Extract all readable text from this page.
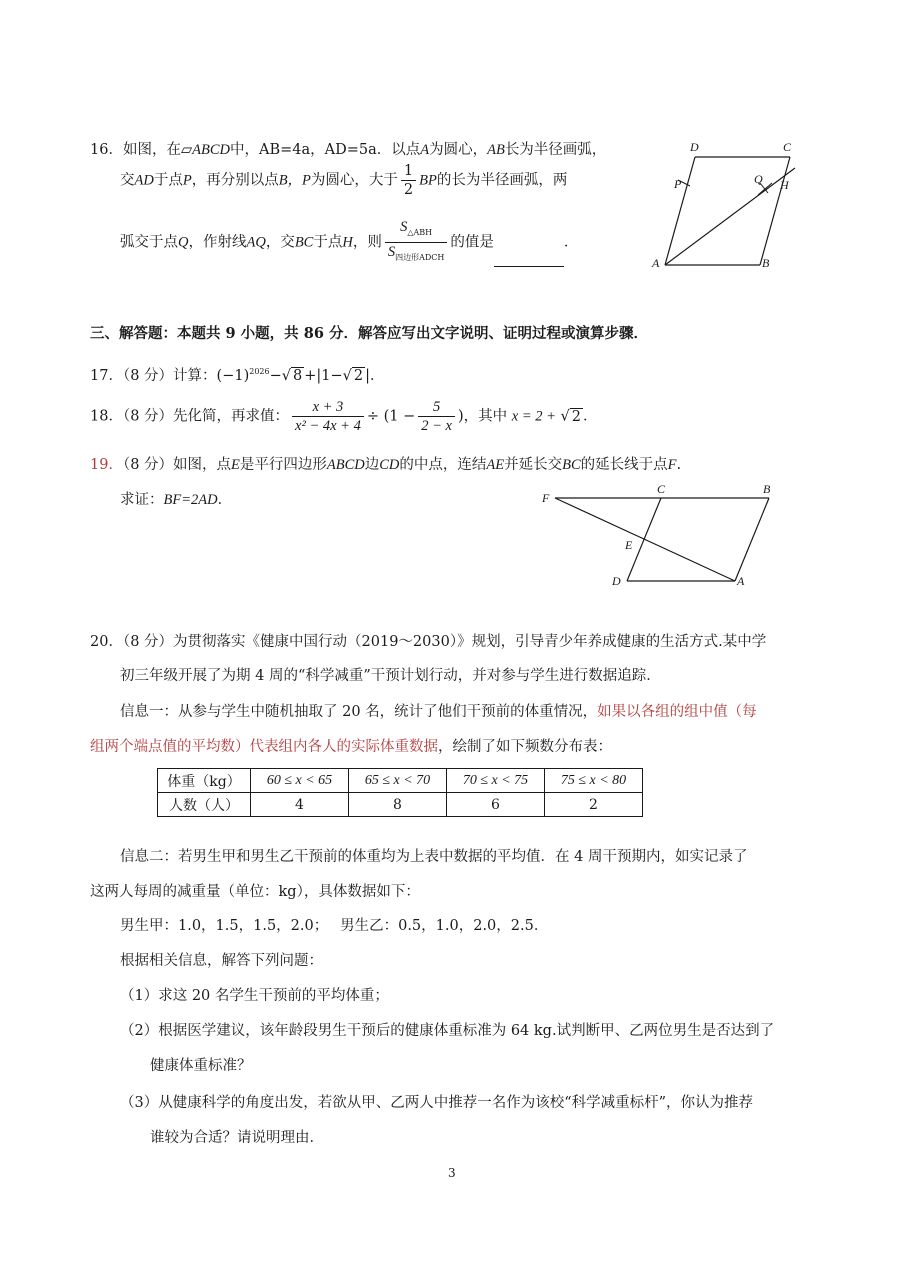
16．如图，在▱ABCD中，AB=4a，AD=5a．以点A为圆心，AB长为半径画弧，
交AD于点P，再分别以点B，P为圆心，大于 $\frac{1}{2}$ BP的长为半径画弧，两
弧交于点Q，作射线AQ，交BC于点H，则 $\frac{S_{\triangle ABH}}{S_{四边形ADCH}}$ 的值是	．
D	C
P	Q H
A	B
三、解答题：本题共 9 小题，共 86 分．解答应写出文字说明、证明过程或演算步骤．
17．（8 分）计算：$(-1)^{2026}-√$ 8 +|1−√ 2 |．
18．（8 分）先化简，再求值： $\frac{x + 3}{\text{x² − 4x + 4}} \div (1 - \frac{5}{2 - x}$ )，其中 x = 2 + √ 2 ．
19．（8 分）如图，点E是平行四边形ABCD边CD的中点，连结AE并延长交BC的延长线于点F.
求证：BF=2AD．	F
C	B
E
D	A
20．（8 分）为贯彻落实《健康中国行动（2019～2030）》规划，引导青少年养成健康的生活方式.某中学
初三年级开展了为期 4 周的“科学减重”干预计划行动，并对参与学生进行数据追踪．
信息一：从参与学生中随机抽取了 20 名，统计了他们干预前的体重情况，如果以各组的组中值（每
组两个端点值的平均数）代表组内各人的实际体重数据，绘制了如下频数分布表：
体重（kg）	60 ≤ x < 65	65 ≤ x < 70	70 ≤ x < 75	75 ≤ x < 80
人数（人）	4	8	6	2
信息二：若男生甲和男生乙干预前的体重均为上表中数据的平均值．在 4 周干预期内，如实记录了
这两人每周的减重量（单位：kg），具体数据如下：
男生甲：1.0，1.5，1.5，2.0；　 男生乙：0.5，1.0，2.0，2.5．
根据相关信息，解答下列问题：
（1）求这 20 名学生干预前的平均体重；
（2）根据医学建议，该年龄段男生干预后的健康体重标准为 64 kg.试判断甲、乙两位男生是否达到了
健康体重标准？
（3）从健康科学的角度出发，若欲从甲、乙两人中推荐一名作为该校“科学减重标杆”，你认为推荐
谁较为合适？请说明理由．
3
